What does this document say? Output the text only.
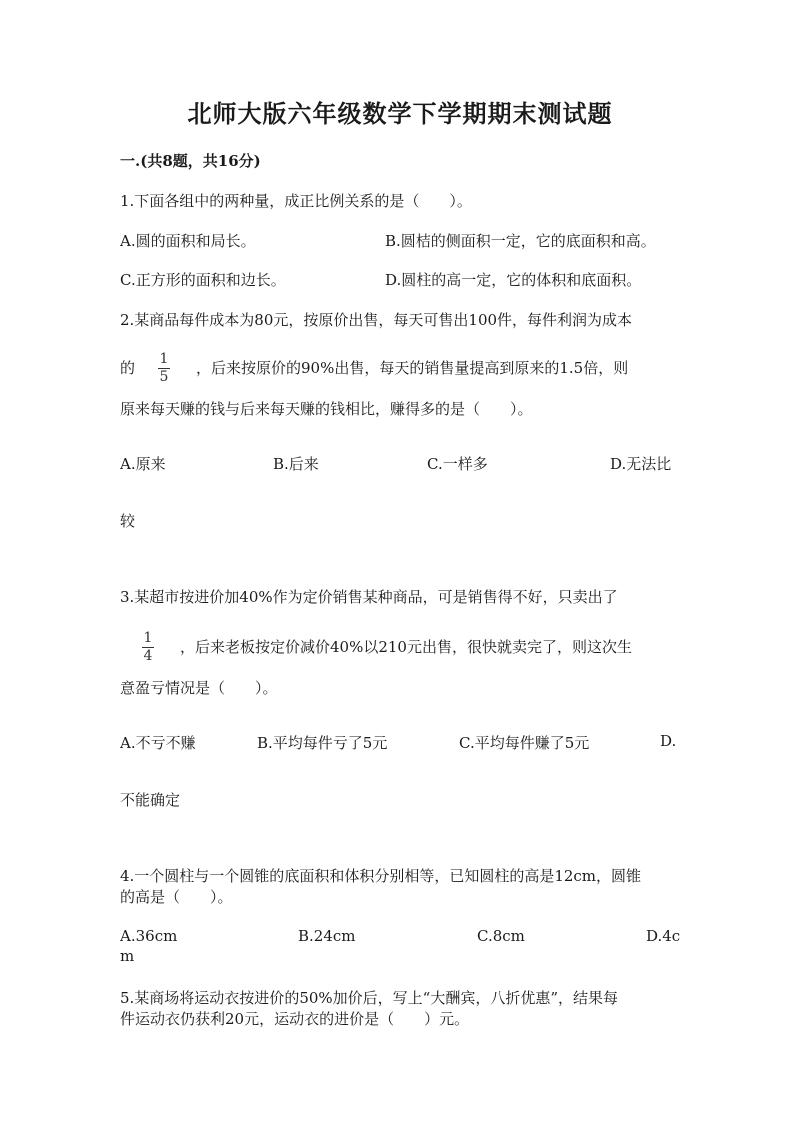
北师大版六年级数学下学期期末测试题
一.(共8题，共16分)
1.下面各组中的两种量，成正比例关系的是（　　）。
A.圆的面积和局长。	B.圆桔的侧面积一定，它的底面积和高。
C.正方形的面积和边长。	D.圆柱的高一定，它的体积和底面积。
2.某商品每件成本为80元，按原价出售，每天可售出100件，每件利润为成本
的 1
5 ，后来按原价的90%出售，每天的销售量提高到原来的1.5倍，则
原来每天赚的钱与后来每天赚的钱相比，赚得多的是（　　）。
A.原来	B.后来	C.一样多	D.无法比
较
3.某超市按进价加40%作为定价销售某种商品，可是销售得不好，只卖出了
1
4 ，后来老板按定价减价40%以210元出售，很快就卖完了，则这次生
意盈亏情况是（　　）。
A.不亏不赚	B.平均每件亏了5元	C.平均每件赚了5元	D.
不能确定
4.一个圆柱与一个圆锥的底面积和体积分别相等，已知圆柱的高是12cm，圆锥
的高是（　　）。
A.36cm	B.24cm	C.8cm	D.4c
m
5.某商场将运动衣按进价的50%加价后，写上“大酬宾，八折优惠”，结果每
件运动衣仍获利20元，运动衣的进价是（　　）元。
